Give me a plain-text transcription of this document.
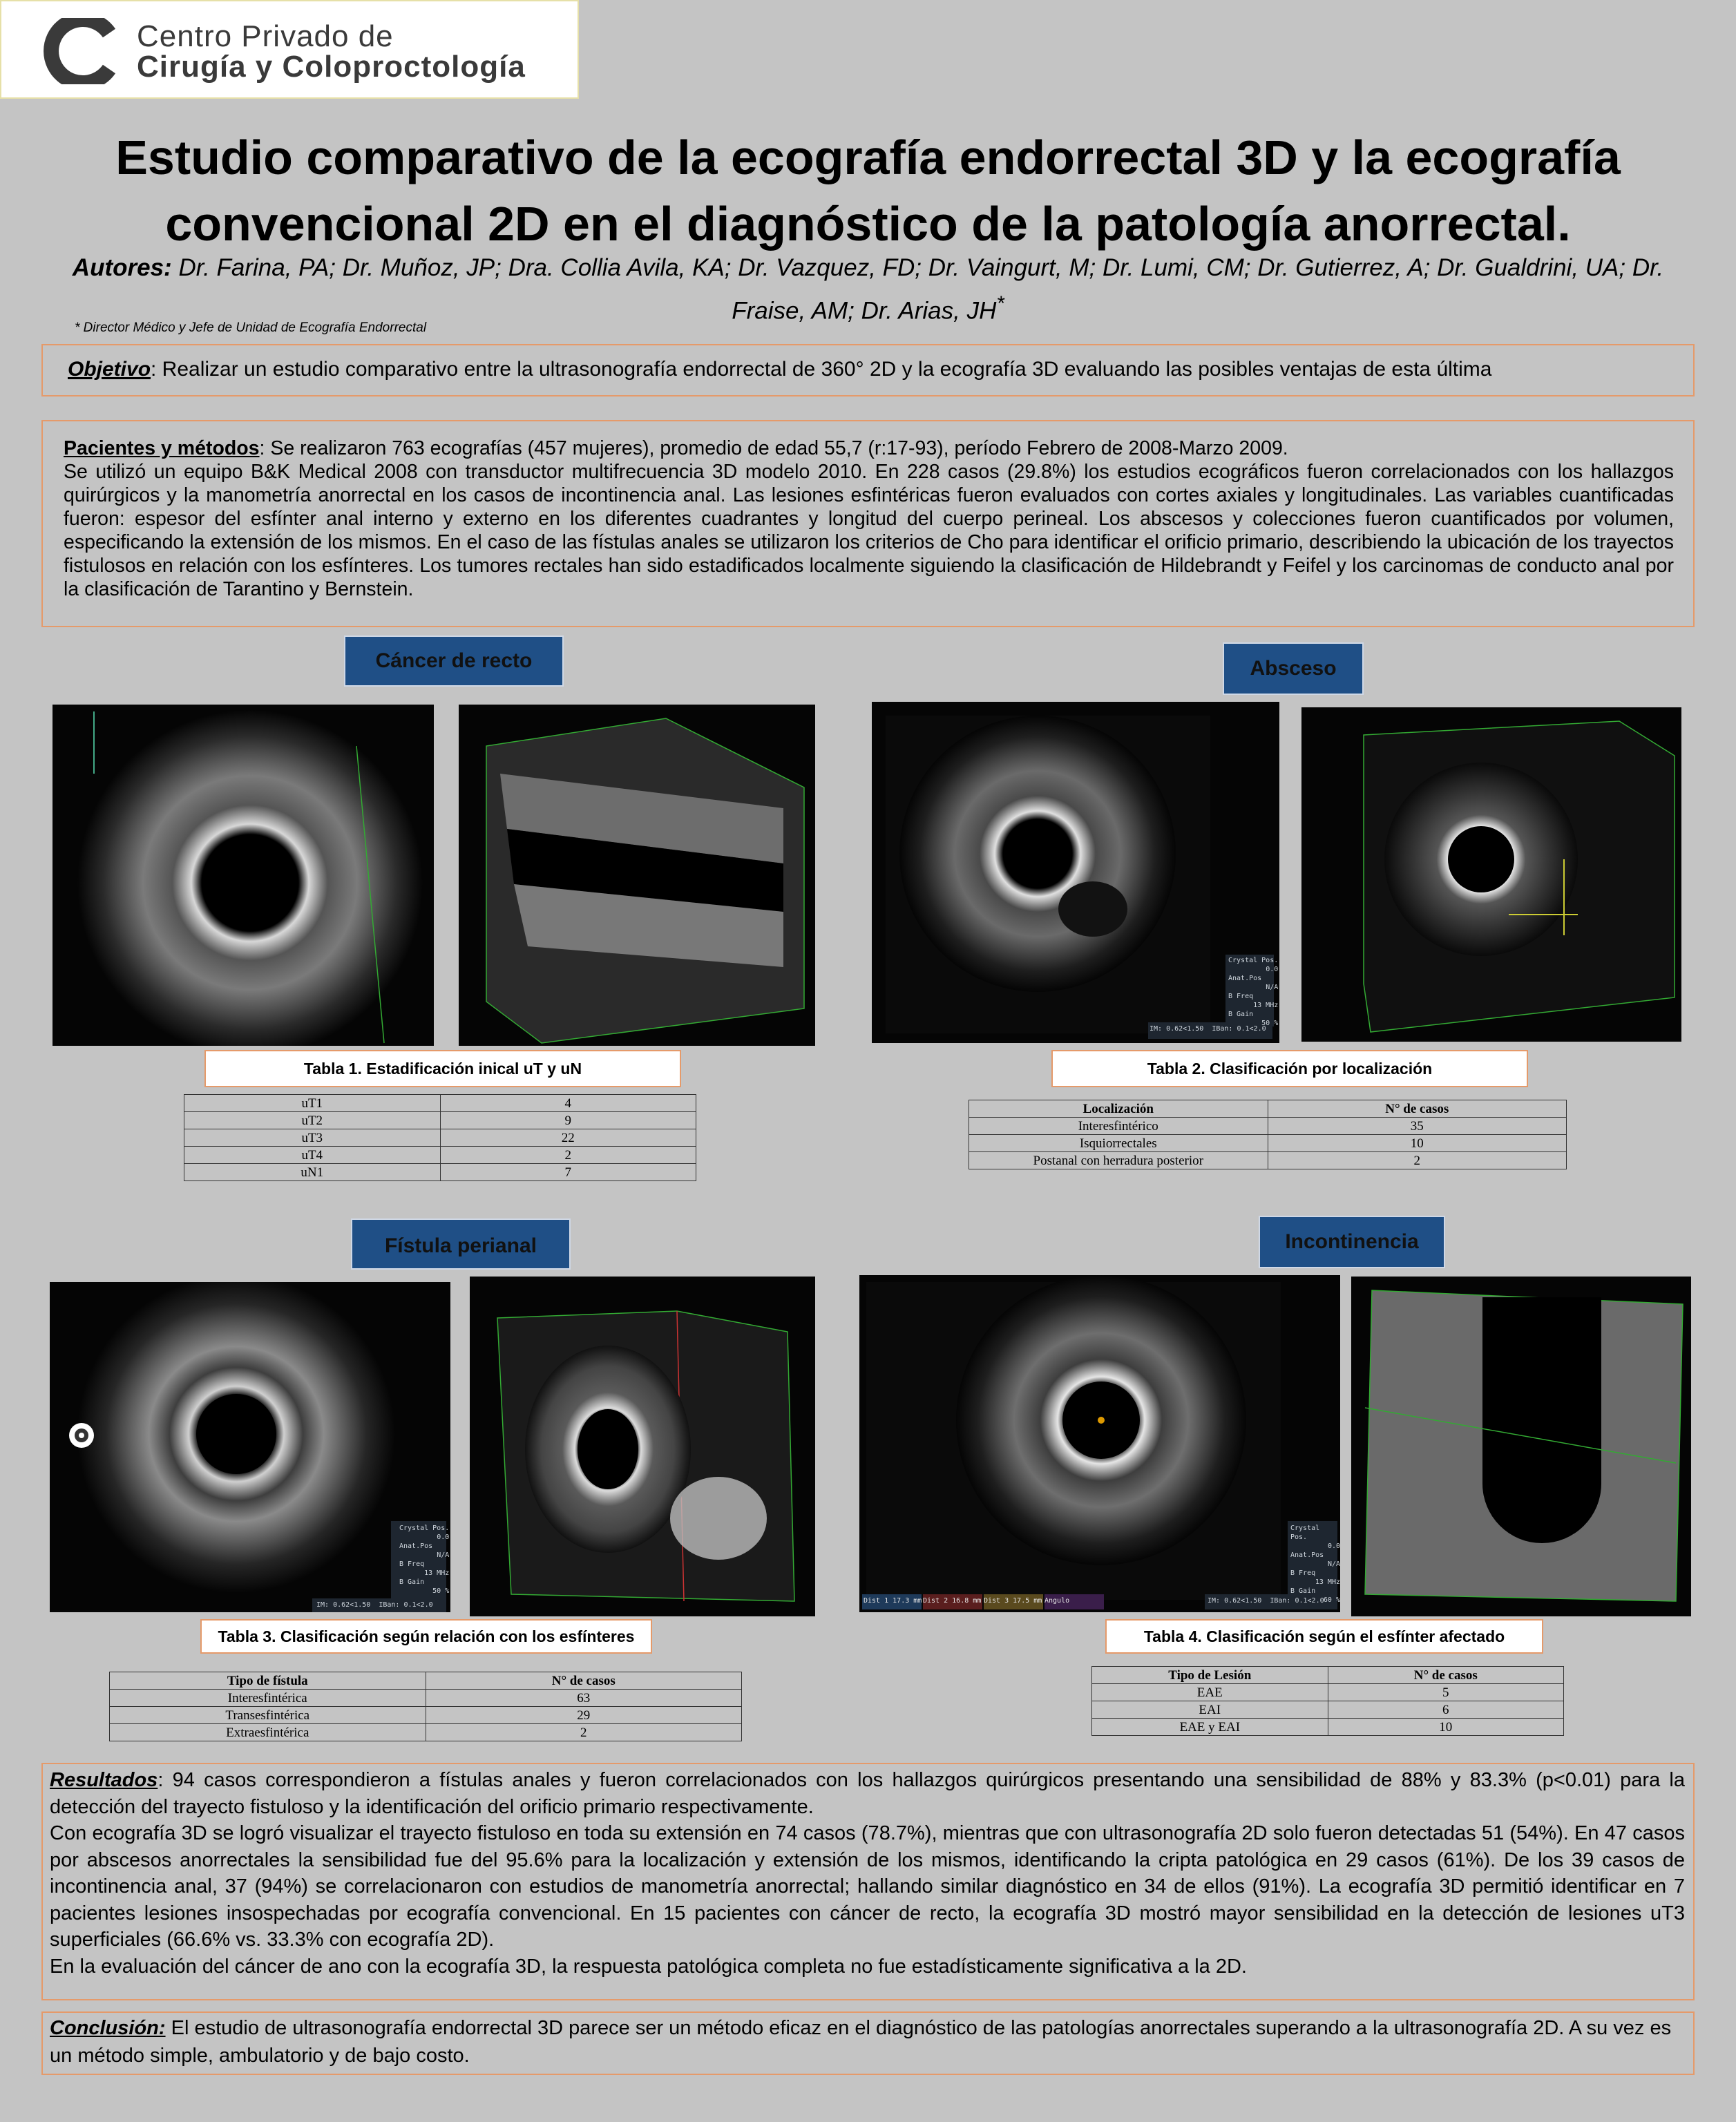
Centro Privado de
Cirugía y Coloproctología
Estudio comparativo de la ecografía endorrectal 3D y la ecografía convencional 2D en el diagnóstico de la patología anorrectal.
Autores: Dr. Farina, PA; Dr. Muñoz, JP; Dra. Collia Avila, KA; Dr. Vazquez, FD; Dr. Vaingurt, M; Dr. Lumi, CM; Dr. Gutierrez, A; Dr. Gualdrini, UA; Dr. Fraise, AM; Dr. Arias, JH*
* Director Médico y Jefe de Unidad de Ecografía Endorrectal
Objetivo: Realizar un estudio comparativo entre la ultrasonografía endorrectal de 360° 2D y la ecografía 3D evaluando las posibles ventajas de esta última
Pacientes y métodos: Se realizaron 763 ecografías (457 mujeres), promedio de edad 55,7 (r:17-93), período Febrero de 2008-Marzo 2009.
Se utilizó un equipo B&K Medical 2008 con transductor multifrecuencia 3D modelo 2010. En 228 casos (29.8%) los estudios ecográficos fueron correlacionados con los hallazgos quirúrgicos y la manometría anorrectal en los casos de incontinencia anal. Las lesiones esfintéricas fueron evaluados con cortes axiales y longitudinales. Las variables cuantificadas fueron: espesor del esfínter anal interno y externo en los diferentes cuadrantes y longitud del cuerpo perineal. Los abscesos y colecciones fueron cuantificados por volumen, especificando la extensión de los mismos. En el caso de las fístulas anales se utilizaron los criterios de Cho para identificar el orificio primario, describiendo la ubicación de los trayectos fistulosos en relación con los esfínteres. Los tumores rectales han sido estadificados localmente siguiendo la clasificación de Hildebrandt y Feifel y los carcinomas de conducto anal por la clasificación de Tarantino y Bernstein.
Cáncer de recto	Absceso
Fístula perianal	Incontinencia
Crystal Pos.
0.0
Anat.Pos
N/A
B Freq
13 MHz
B Gain
50 %
IM: 0.62<1.50 IBan: 0.1<2.0
Tabla 1. Estadificación inical uT y uN	Tabla 2. Clasificación por localización
uT1	4
uT2	9
uT3	22
uT4	2
uN1	7
Localización	N° de casos
Interesfintérico	35
Isquiorrectales	10
Postanal con herradura posterior	2
Crystal Pos.
0.0
Anat.Pos
N/A
B Freq
13 MHz
B Gain
50 %
IM: 0.62<1.50 IBan: 0.1<2.0
Crystal Pos.
0.0
Anat.Pos
N/A
B Freq
13 MHz
B Gain
60 %
IM: 0.62<1.50 IBan: 0.1<2.0
Dist 1 17.3 mm Dist 2 16.8 mm Dist 3 17.5 mm Angulo
Tabla 3. Clasificación según relación con los esfínteres	Tabla 4. Clasificación según el esfínter afectado
Tipo de fístula	N° de casos
Interesfintérica	63
Transesfintérica	29
Extraesfintérica	2
Tipo de Lesión	N° de casos
EAE	5
EAI	6
EAE y EAI	10
Resultados: 94 casos correspondieron a fístulas anales y fueron correlacionados con los hallazgos quirúrgicos presentando una sensibilidad de 88% y 83.3% (p<0.01) para la detección del trayecto fistuloso y la identificación del orificio primario respectivamente.
Con ecografía 3D se logró visualizar el trayecto fistuloso en toda su extensión en 74 casos (78.7%), mientras que con ultrasonografía 2D solo fueron detectadas 51 (54%). En 47 casos por abscesos anorrectales la sensibilidad fue del 95.6% para la localización y extensión de los mismos, identificando la cripta patológica en 29 casos (61%). De los 39 casos de incontinencia anal, 37 (94%) se correlacionaron con estudios de manometría anorrectal; hallando similar diagnóstico en 34 de ellos (91%). La ecografía 3D permitió identificar en 7 pacientes lesiones insospechadas por ecografía convencional. En 15 pacientes con cáncer de recto, la ecografía 3D mostró mayor sensibilidad en la detección de lesiones uT3 superficiales (66.6% vs. 33.3% con ecografía 2D).
En la evaluación del cáncer de ano con la ecografía 3D, la respuesta patológica completa no fue estadísticamente significativa a la 2D.
Conclusión: El estudio de ultrasonografía endorrectal 3D parece ser un método eficaz en el diagnóstico de las patologías anorrectales superando a la ultrasonografía 2D. A su vez es un método simple, ambulatorio y de bajo costo.
